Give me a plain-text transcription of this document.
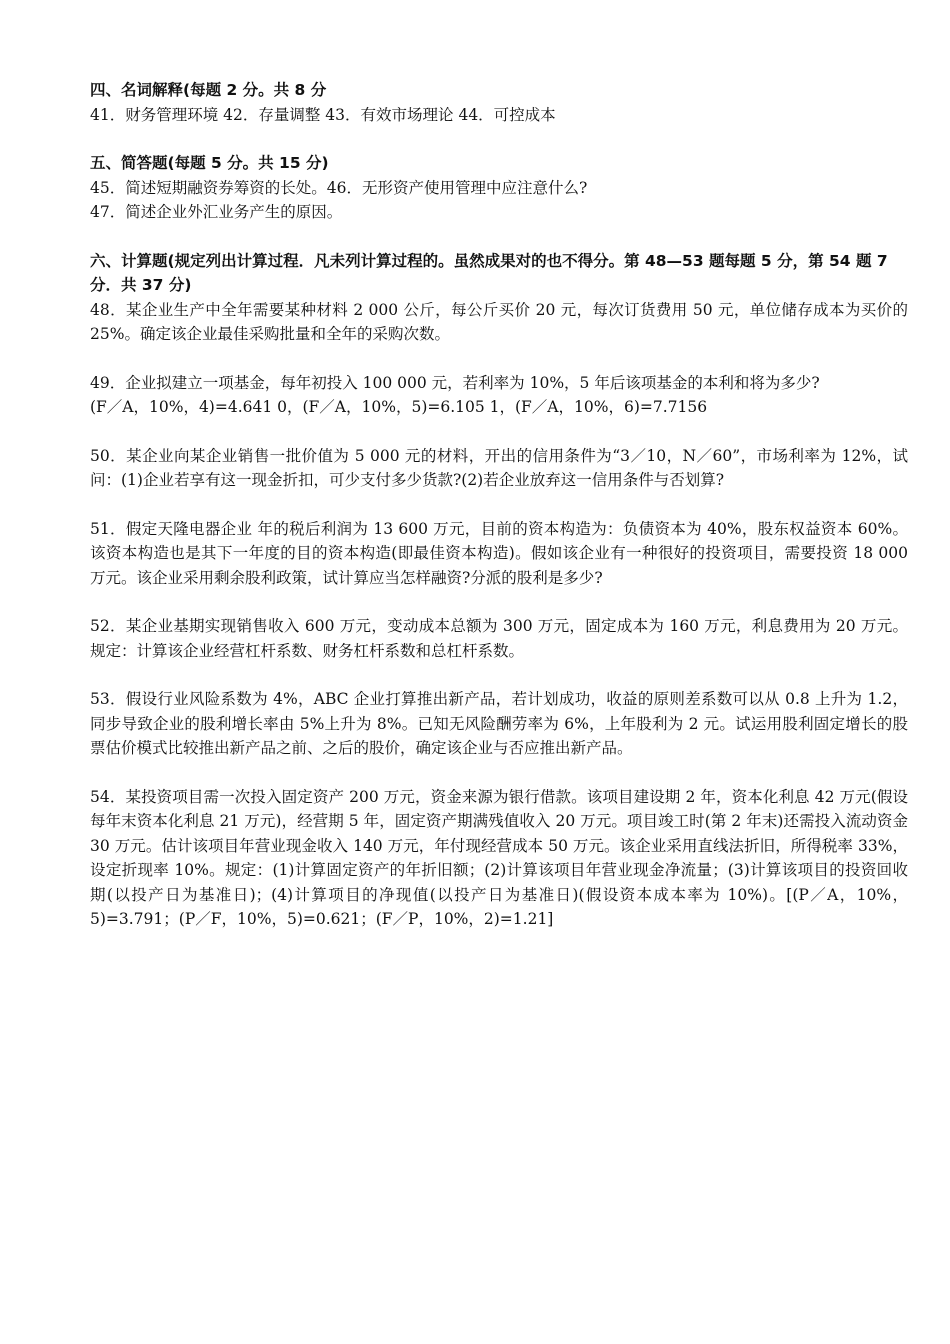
四、名词解释(每题 2 分。共 8 分

41．财务管理环境 42．存量调整 43．有效市场理论 44．可控成本

五、简答题(每题 5 分。共 15 分)

45．简述短期融资券筹资的长处。46．无形资产使用管理中应注意什么?

47．简述企业外汇业务产生的原因。

六、计算题(规定列出计算过程．凡未列计算过程的。虽然成果对的也不得分。第 48—53 题每题 5 分，第 54 题 7 分．共 37 分)

48．某企业生产中全年需要某种材料 2 000 公斤，每公斤买价 20 元，每次订货费用 50 元，单位储存成本为买价的 25%。确定该企业最佳采购批量和全年的采购次数。

49．企业拟建立一项基金，每年初投入 100 000 元，若利率为 10%，5 年后该项基金的本利和将为多少?

(F／A，10%，4)=4.641 0，(F／A，10%，5)=6.105 1，(F／A，10%，6)=7.7156

50．某企业向某企业销售一批价值为 5 000 元的材料，开出的信用条件为“3／10，N／60”，市场利率为 12%，试问：(1)企业若享有这一现金折扣，可少支付多少货款?(2)若企业放弃这一信用条件与否划算?

51．假定天隆电器企业 年的税后利润为 13 600 万元，目前的资本构造为：负债资本为 40%，股东权益资本 60%。该资本构造也是其下一年度的目的资本构造(即最佳资本构造)。假如该企业有一种很好的投资项目，需要投资 18 000 万元。该企业采用剩余股利政策，试计算应当怎样融资?分派的股利是多少?

52．某企业基期实现销售收入 600 万元，变动成本总额为 300 万元，固定成本为 160 万元，利息费用为 20 万元。规定：计算该企业经营杠杆系数、财务杠杆系数和总杠杆系数。

53．假设行业风险系数为 4%，ABC 企业打算推出新产品，若计划成功，收益的原则差系数可以从 0.8 上升为 1.2，同步导致企业的股利增长率由 5%上升为 8%。已知无风险酬劳率为 6%，上年股利为 2 元。试运用股利固定增长的股票估价模式比较推出新产品之前、之后的股价，确定该企业与否应推出新产品。

54．某投资项目需一次投入固定资产 200 万元，资金来源为银行借款。该项目建设期 2 年，资本化利息 42 万元(假设每年末资本化利息 21 万元)，经营期 5 年，固定资产期满残值收入 20 万元。项目竣工时(第 2 年末)还需投入流动资金 30 万元。估计该项目年营业现金收入 140 万元，年付现经营成本 50 万元。该企业采用直线法折旧，所得税率 33%，设定折现率 10%。规定：(1)计算固定资产的年折旧额；(2)计算该项目年营业现金净流量；(3)计算该项目的投资回收期(以投产日为基准日)；(4)计算项目的净现值(以投产日为基准日)(假设资本成本率为 10%)。[(P／A，10%，5)=3.791；(P／F，10%，5)=0.621；(F／P，10%，2)=1.21]
